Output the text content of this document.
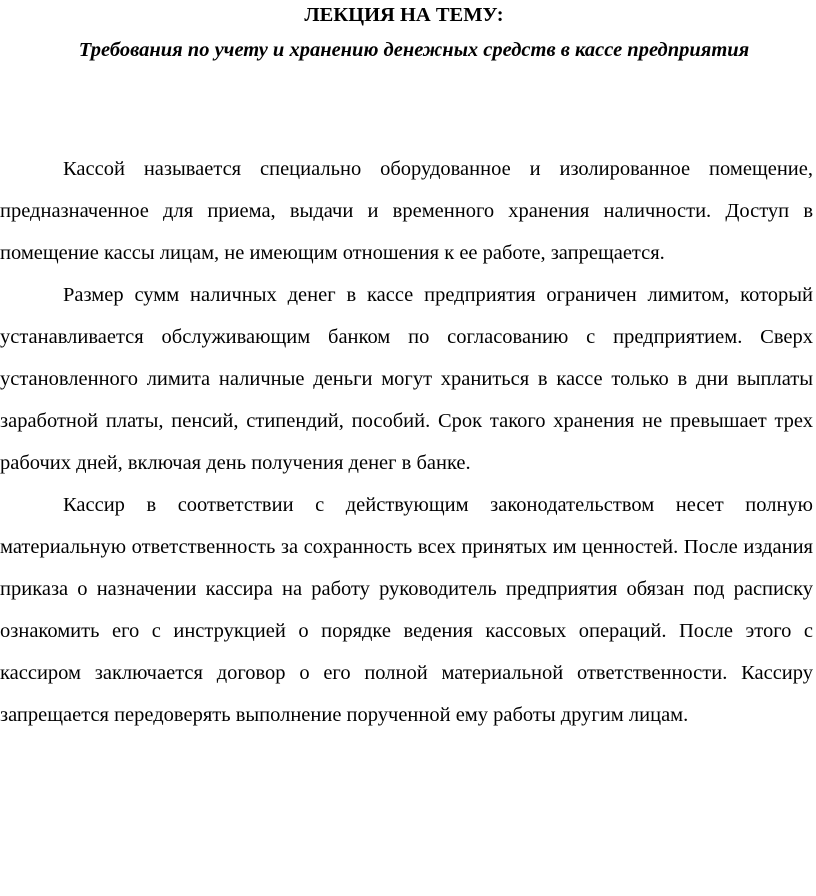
ЛЕКЦИЯ НА ТЕМУ:
Требования по учету и хранению денежных средств в кассе предприятия

Кассой называется специально оборудованное и изолированное помещение, предназначенное для приема, выдачи и временного хранения наличности. Доступ в помещение кассы лицам, не имеющим отношения к ее работе, запрещается.

Размер сумм наличных денег в кассе предприятия ограничен лимитом, который устанавливается обслуживающим банком по согласованию с предприятием. Сверх установленного лимита наличные деньги могут храниться в кассе только в дни выплаты заработной платы, пенсий, стипендий, пособий. Срок такого хранения не превышает трех рабочих дней, включая день получения денег в банке.

Кассир в соответствии с действующим законодательством несет полную материальную ответственность за сохранность всех принятых им ценностей. После издания приказа о назначении кассира на работу руководитель предприятия обязан под расписку ознакомить его с инструкцией о порядке ведения кассовых операций. После этого с кассиром заключается договор о его полной материальной ответственности. Кассиру запрещается передоверять выполнение порученной ему работы другим лицам.
